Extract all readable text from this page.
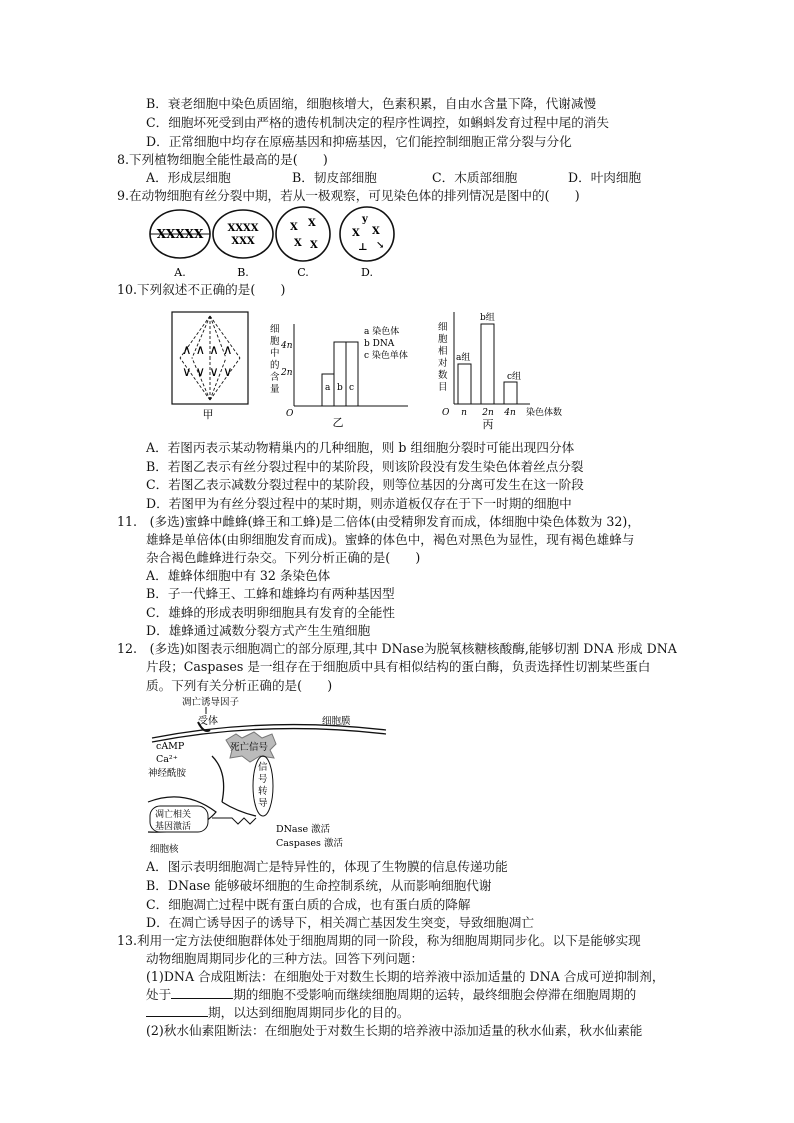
B．衰老细胞中染色质固缩，细胞核增大，色素积累，自由水含量下降，代谢减慢
C．细胞坏死受到由严格的遗传机制决定的程序性调控，如蝌蚪发育过程中尾的消失
D．正常细胞中均存在原癌基因和抑癌基因，它们能控制细胞正常分裂与分化
8.下列植物细胞全能性最高的是(　　)
A．形成层细胞	B．韧皮部细胞	C．木质部细胞	D．叶肉细胞
9.在动物细胞有丝分裂中期，若从一极观察，可见染色体的排列情况是图中的(　　)
XXXXX XXXX
XXX
X X
X X
y
X X
⊥ ↘
A.	B.	C.	D.
10.下列叙述不正确的是(　　)
∧ ∧ ∧ ∧
∨ ∨ ∨ ∨
甲
细
胞
中
的
含
量
4n
2n
O
a b c
a 染色体
b DNA
c 染色单体
乙
细
胞
相
对
数
目
a组
b组
c组
O n 2n 4n 染色体数
丙
A．若图丙表示某动物精巢内的几种细胞，则 b 组细胞分裂时可能出现四分体
B．若图乙表示有丝分裂过程中的某阶段，则该阶段没有发生染色体着丝点分裂
C．若图乙表示减数分裂过程中的某阶段，则等位基因的分离可发生在这一阶段
D．若图甲为有丝分裂过程中的某时期，则赤道板仅存在于下一时期的细胞中
11.　(多选)蜜蜂中雌蜂(蜂王和工蜂)是二倍体(由受精卵发育而成，体细胞中染色体数为 32)，
雄蜂是单倍体(由卵细胞发育而成)。蜜蜂的体色中，褐色对黑色为显性，现有褐色雄蜂与
杂合褐色雌蜂进行杂交。下列分析正确的是(　　)
A．雄蜂体细胞中有 32 条染色体
B．子一代蜂王、工蜂和雄蜂均有两种基因型
C．雄蜂的形成表明卵细胞具有发育的全能性
D．雄蜂通过减数分裂方式产生生殖细胞
12.　(多选)如图表示细胞凋亡的部分原理,其中 DNase为脱氧核糖核酸酶,能够切割 DNA 形成 DNA
片段；Caspases 是一组存在于细胞质中具有相似结构的蛋白酶，负责选择性切割某些蛋白
质。下列有关分析正确的是(　　)
凋亡诱导因子
受体	细胞膜
死亡信号
cAMP
Ca²⁺
神经酰胺
信
号
转
导
凋亡相关
基因激活	DNase 激活
Caspases 激活
细胞核
A．图示表明细胞凋亡是特异性的，体现了生物膜的信息传递功能
B．DNase 能够破坏细胞的生命控制系统，从而影响细胞代谢
C．细胞凋亡过程中既有蛋白质的合成，也有蛋白质的降解
D．在凋亡诱导因子的诱导下，相关凋亡基因发生突变，导致细胞凋亡
13.利用一定方法使细胞群体处于细胞周期的同一阶段，称为细胞周期同步化。以下是能够实现
动物细胞周期同步化的三种方法。回答下列问题：
(1)DNA 合成阻断法：在细胞处于对数生长期的培养液中添加适量的 DNA 合成可逆抑制剂，
处于	期的细胞不受影响而继续细胞周期的运转，最终细胞会停滞在细胞周期的
期，以达到细胞周期同步化的目的。
(2)秋水仙素阻断法：在细胞处于对数生长期的培养液中添加适量的秋水仙素，秋水仙素能
